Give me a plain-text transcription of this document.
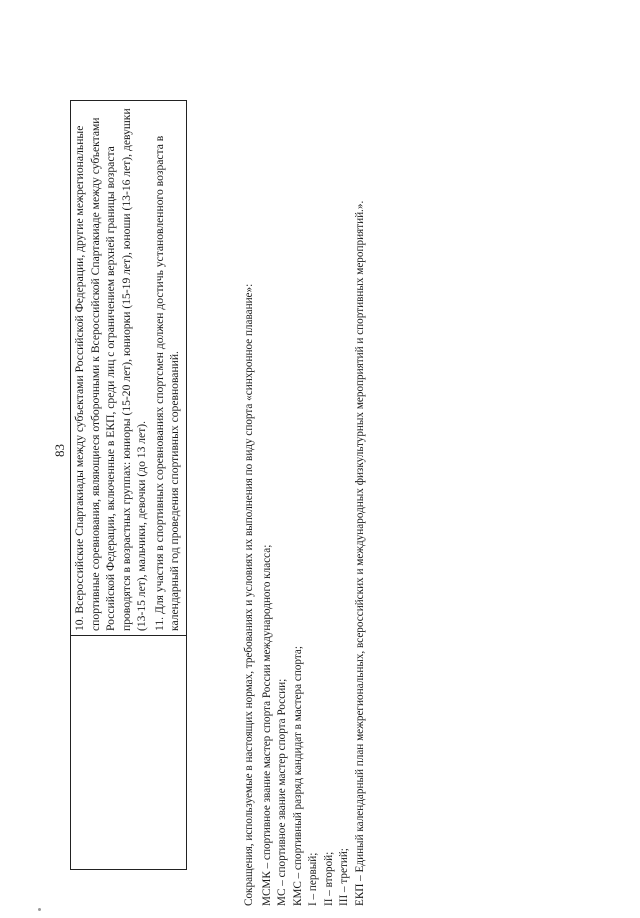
83
	10. Всероссийские Спартакиады между субъектами Российской Федерации, другие межрегиональные спортивные соревнования, являющиеся отборочными к Всероссийской Спартакиаде между субъектами Российской Федерации, включенные в ЕКП, среди лиц с ограничением верхней границы возраста проводятся в возрастных группах: юниоры (15-20 лет), юниорки (15-19 лет), юноши (13-16 лет), девушки (13-15 лет), мальчики, девочки (до 13 лет). 11. Для участия в спортивных соревнованиях спортсмен должен достичь установленного возраста в календарный год проведения спортивных соревнований.	Сокращения, используемые в настоящих нормах, требованиях и условиях их выполнения по виду спорта «синхронное плавание»: МСМК – спортивное звание мастер спорта России международного класса; МС – спортивное звание мастер спорта России; КМС – спортивный разряд кандидат в мастера спорта; I – первый; II – второй; III – третий; ЕКП – Единый календарный план межрегиональных, всероссийских и международных физкультурных мероприятий и спортивных мероприятий.».
